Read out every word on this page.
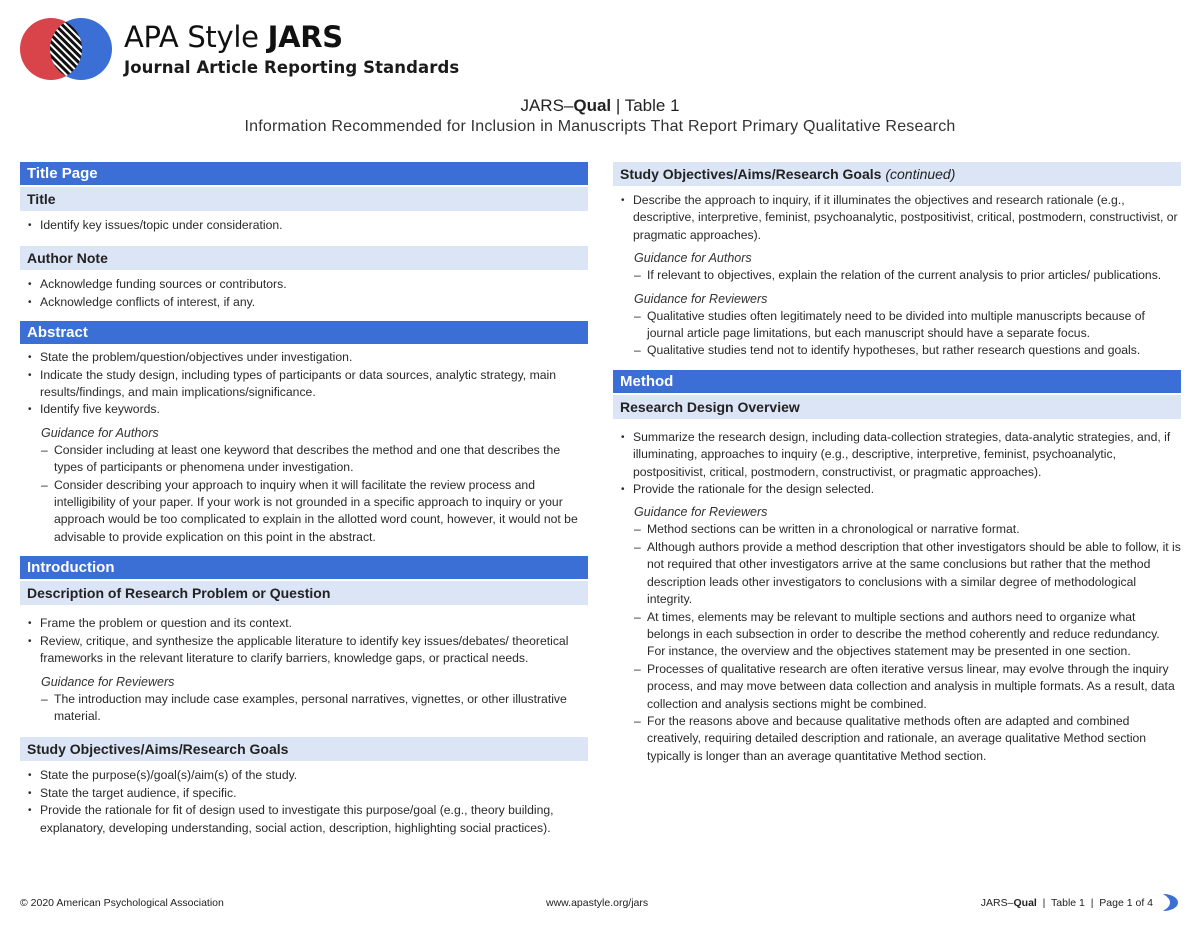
APA Style JARS
Journal Article Reporting Standards
JARS–Qual | Table 1
Information Recommended for Inclusion in Manuscripts That Report Primary Qualitative Research
Title Page
Title
• Identify key issues/topic under consideration.
Author Note
• Acknowledge funding sources or contributors.
• Acknowledge conflicts of interest, if any.
Abstract
• State the problem/question/objectives under investigation.
• Indicate the study design, including types of participants or data sources, analytic strategy, main results/findings, and main implications/significance.
• Identify five keywords.
Guidance for Authors
– Consider including at least one keyword that describes the method and one that describes the types of participants or phenomena under investigation.
– Consider describing your approach to inquiry when it will facilitate the review process and intelligibility of your paper. If your work is not grounded in a specific approach to inquiry or your approach would be too complicated to explain in the allotted word count, however, it would not be advisable to provide explication on this point in the abstract.
Introduction
Description of Research Problem or Question
• Frame the problem or question and its context.
• Review, critique, and synthesize the applicable literature to identify key issues/debates/ theoretical frameworks in the relevant literature to clarify barriers, knowledge gaps, or practical needs.
Guidance for Reviewers
– The introduction may include case examples, personal narratives, vignettes, or other illustrative material.
Study Objectives/Aims/Research Goals
• State the purpose(s)/goal(s)/aim(s) of the study.
• State the target audience, if specific.
• Provide the rationale for fit of design used to investigate this purpose/goal (e.g., theory building, explanatory, developing understanding, social action, description, highlighting social practices).
Study Objectives/Aims/Research Goals (continued)
• Describe the approach to inquiry, if it illuminates the objectives and research rationale (e.g., descriptive, interpretive, feminist, psychoanalytic, postpositivist, critical, postmodern, constructivist, or pragmatic approaches).
Guidance for Authors
– If relevant to objectives, explain the relation of the current analysis to prior articles/ publications.
Guidance for Reviewers
– Qualitative studies often legitimately need to be divided into multiple manuscripts because of journal article page limitations, but each manuscript should have a separate focus.
– Qualitative studies tend not to identify hypotheses, but rather research questions and goals.
Method
Research Design Overview
• Summarize the research design, including data-collection strategies, data-analytic strategies, and, if illuminating, approaches to inquiry (e.g., descriptive, interpretive, feminist, psychoanalytic, postpositivist, critical, postmodern, constructivist, or pragmatic approaches).
• Provide the rationale for the design selected.
Guidance for Reviewers
– Method sections can be written in a chronological or narrative format.
– Although authors provide a method description that other investigators should be able to follow, it is not required that other investigators arrive at the same conclusions but rather that the method description leads other investigators to conclusions with a similar degree of methodological integrity.
– At times, elements may be relevant to multiple sections and authors need to organize what belongs in each subsection in order to describe the method coherently and reduce redundancy. For instance, the overview and the objectives statement may be presented in one section.
– Processes of qualitative research are often iterative versus linear, may evolve through the inquiry process, and may move between data collection and analysis in multiple formats. As a result, data collection and analysis sections might be combined.
– For the reasons above and because qualitative methods often are adapted and combined creatively, requiring detailed description and rationale, an average qualitative Method section typically is longer than an average quantitative Method section.
© 2020 American Psychological Association	www.apastyle.org/jars	JARS–Qual  |  Table 1  |  Page 1 of 4
